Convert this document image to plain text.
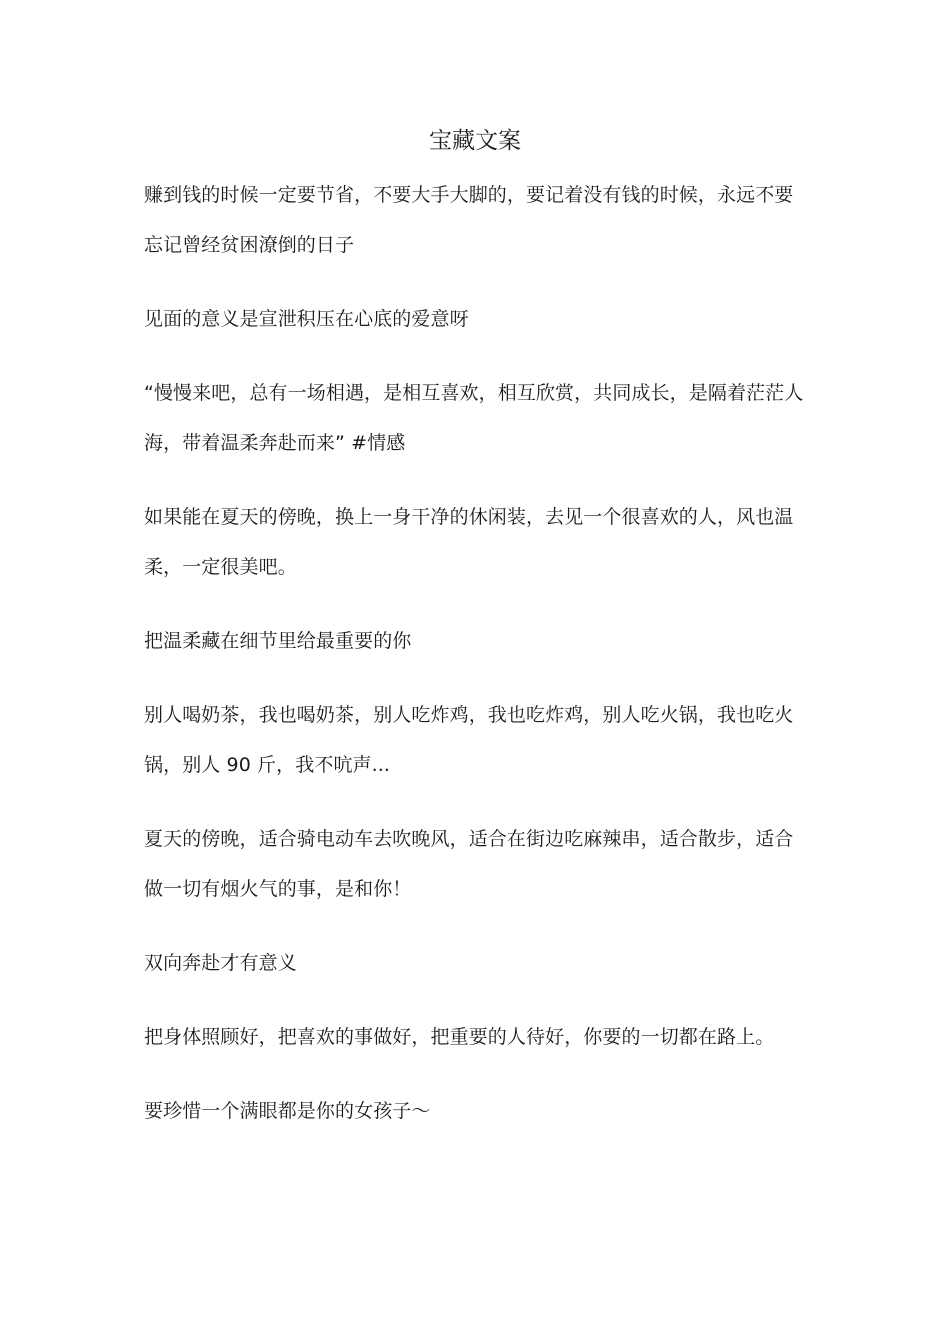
宝藏文案

赚到钱的时候一定要节省，不要大手大脚的，要记着没有钱的时候，永远不要忘记曾经贫困潦倒的日子

见面的意义是宣泄积压在心底的爱意呀

“慢慢来吧，总有一场相遇，是相互喜欢，相互欣赏，共同成长，是隔着茫茫人海，带着温柔奔赴而来” #情感

如果能在夏天的傍晚，换上一身干净的休闲装，去见一个很喜欢的人，风也温柔，一定很美吧。

把温柔藏在细节里给最重要的你

别人喝奶茶，我也喝奶茶，别人吃炸鸡，我也吃炸鸡，别人吃火锅，我也吃火锅，别人 90 斤，我不吭声...

夏天的傍晚，适合骑电动车去吹晚风，适合在街边吃麻辣串，适合散步，适合做一切有烟火气的事，是和你！

双向奔赴才有意义

把身体照顾好，把喜欢的事做好，把重要的人待好，你要的一切都在路上。

要珍惜一个满眼都是你的女孩子～
